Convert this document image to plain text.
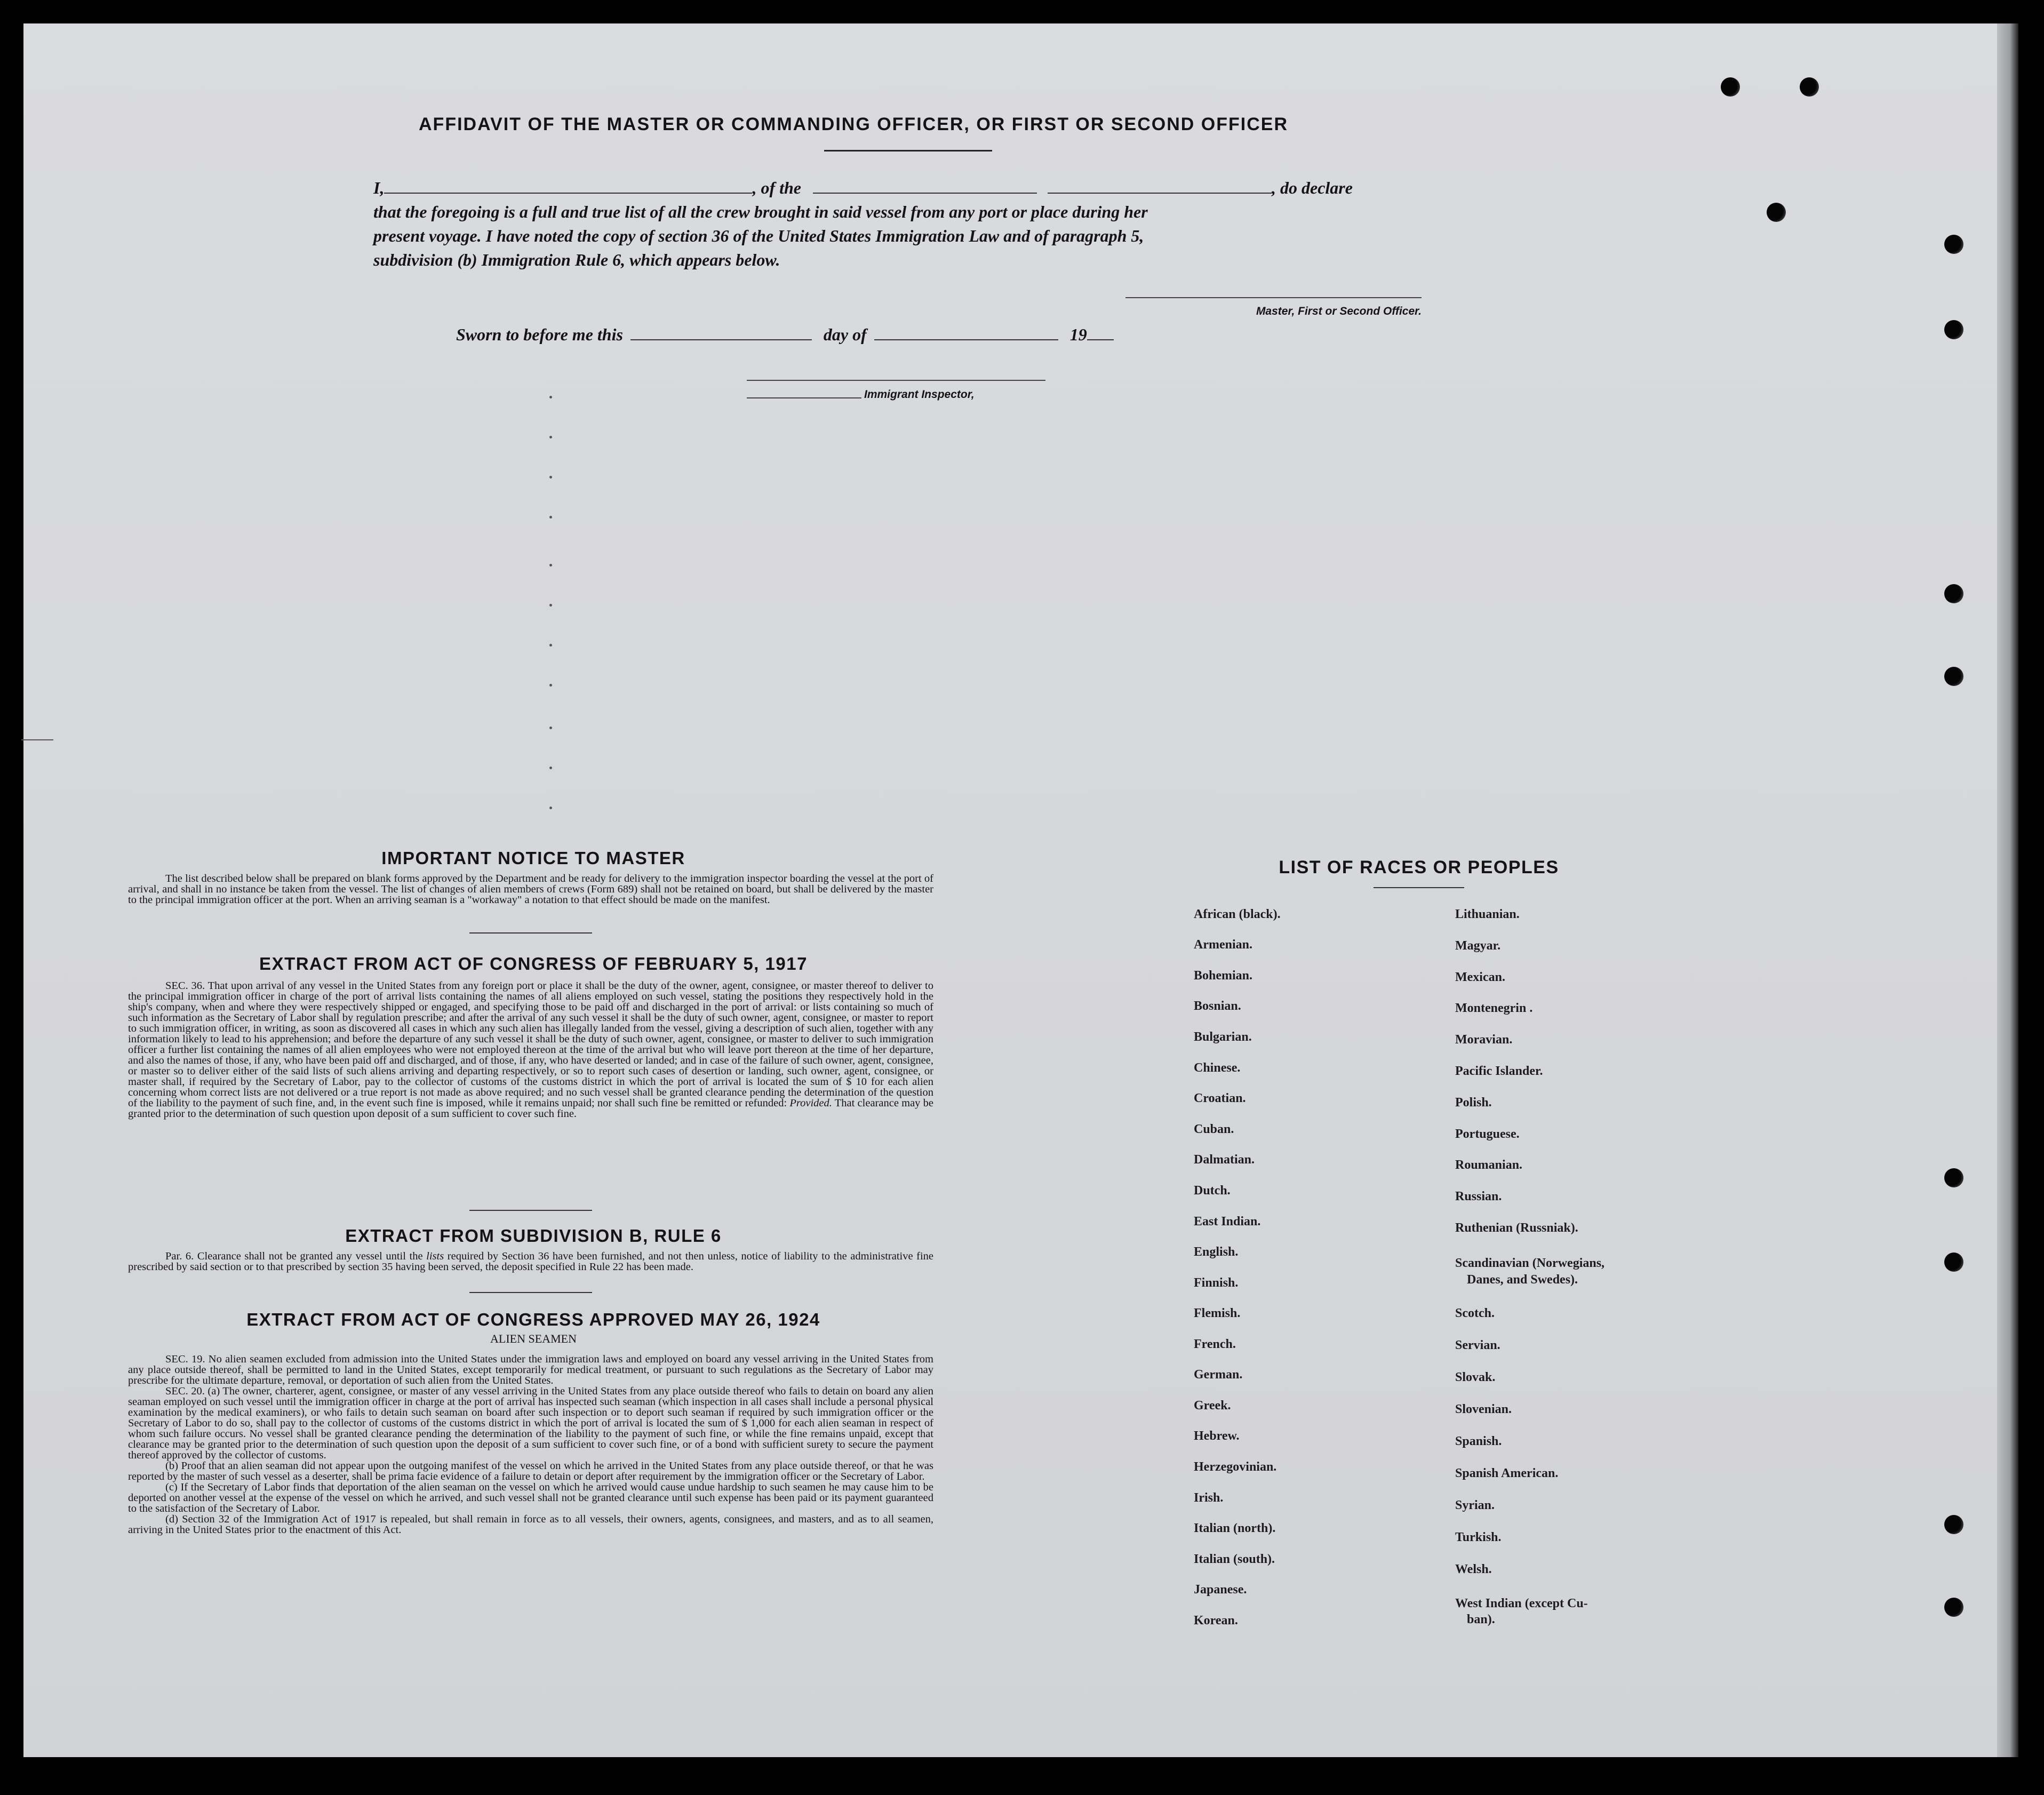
AFFIDAVIT OF THE MASTER OR COMMANDING OFFICER, OR FIRST OR SECOND OFFICER
I,	, of the	, do declare
that the foregoing is a full and true list of all the crew brought in said vessel from any port or place during her
present voyage. I have noted the copy of section 36 of the United States Immigration Law and of paragraph 5,
subdivision (b) Immigration Rule 6, which appears below.
Master, First or Second Officer.
Sworn to before me this	day of	19
Immigrant Inspector,
IMPORTANT NOTICE TO MASTER

The list described below shall be prepared on blank forms approved by the Department and be ready for delivery to the immigration inspector boarding the vessel at the port of arrival, and shall in no instance be taken from the vessel. The list of changes of alien members of crews (Form 689) shall not be retained on board, but shall be delivered by the master to the principal immigration officer at the port. When an arriving seaman is a "workaway" a notation to that effect should be made on the manifest.

EXTRACT FROM ACT OF CONGRESS OF FEBRUARY 5, 1917

SEC. 36. That upon arrival of any vessel in the United States from any foreign port or place it shall be the duty of the owner, agent, consignee, or master thereof to deliver to the principal immigration officer in charge of the port of arrival lists containing the names of all aliens employed on such vessel, stating the positions they respectively hold in the ship's company, when and where they were respectively shipped or engaged, and specifying those to be paid off and discharged in the port of arrival: or lists containing so much of such information as the Secretary of Labor shall by regulation prescribe; and after the arrival of any such vessel it shall be the duty of such owner, agent, consignee, or master to report to such immigration officer, in writing, as soon as discovered all cases in which any such alien has illegally landed from the vessel, giving a description of such alien, together with any information likely to lead to his apprehension; and before the departure of any such vessel it shall be the duty of such owner, agent, consignee, or master to deliver to such immigration officer a further list containing the names of all alien employees who were not employed thereon at the time of the arrival but who will leave port thereon at the time of her departure, and also the names of those, if any, who have been paid off and discharged, and of those, if any, who have deserted or landed; and in case of the failure of such owner, agent, consignee, or master so to deliver either of the said lists of such aliens arriving and departing respectively, or so to report such cases of desertion or landing, such owner, agent, consignee, or master shall, if required by the Secretary of Labor, pay to the collector of customs of the customs district in which the port of arrival is located the sum of $ 10 for each alien concerning whom correct lists are not delivered or a true report is not made as above required; and no such vessel shall be granted clearance pending the determination of the question of the liability to the payment of such fine, and, in the event such fine is imposed, while it remains unpaid; nor shall such fine be remitted or refunded: Provided. That clearance may be granted prior to the determination of such question upon deposit of a sum sufficient to cover such fine.

EXTRACT FROM SUBDIVISION B, RULE 6

Par. 6. Clearance shall not be granted any vessel until the lists required by Section 36 have been furnished, and not then unless, notice of liability to the administrative fine prescribed by said section or to that prescribed by section 35 having been served, the deposit specified in Rule 22 has been made.

EXTRACT FROM ACT OF CONGRESS APPROVED MAY 26, 1924
ALIEN SEAMEN

SEC. 19. No alien seamen excluded from admission into the United States under the immigration laws and employed on board any vessel arriving in the United States from any place outside thereof, shall be permitted to land in the United States, except temporarily for medical treatment, or pursuant to such regulations as the Secretary of Labor may prescribe for the ultimate departure, removal, or deportation of such alien from the United States.

SEC. 20. (a) The owner, charterer, agent, consignee, or master of any vessel arriving in the United States from any place outside thereof who fails to detain on board any alien seaman employed on such vessel until the immigration officer in charge at the port of arrival has inspected such seaman (which inspection in all cases shall include a personal physical examination by the medical examiners), or who fails to detain such seaman on board after such inspection or to deport such seaman if required by such immigration officer or the Secretary of Labor to do so, shall pay to the collector of customs of the customs district in which the port of arrival is located the sum of $ 1,000 for each alien seaman in respect of whom such failure occurs. No vessel shall be granted clearance pending the determination of the liability to the payment of such fine, or while the fine remains unpaid, except that clearance may be granted prior to the determination of such question upon the deposit of a sum sufficient to cover such fine, or of a bond with sufficient surety to secure the payment thereof approved by the collector of customs.

(b) Proof that an alien seaman did not appear upon the outgoing manifest of the vessel on which he arrived in the United States from any place outside thereof, or that he was reported by the master of such vessel as a deserter, shall be prima facie evidence of a failure to detain or deport after requirement by the immigration officer or the Secretary of Labor.

(c) If the Secretary of Labor finds that deportation of the alien seaman on the vessel on which he arrived would cause undue hardship to such seamen he may cause him to be deported on another vessel at the expense of the vessel on which he arrived, and such vessel shall not be granted clearance until such expense has been paid or its payment guaranteed to the satisfaction of the Secretary of Labor.

(d) Section 32 of the Immigration Act of 1917 is repealed, but shall remain in force as to all vessels, their owners, agents, consignees, and masters, and as to all seamen, arriving in the United States prior to the enactment of this Act.

LIST OF RACES OR PEOPLES
African (black).
Armenian.
Bohemian.
Bosnian.
Bulgarian.
Chinese.
Croatian.
Cuban.
Dalmatian.
Dutch.
East Indian.
English.
Finnish.
Flemish.
French.
German.
Greek.
Hebrew.
Herzegovinian.
Irish.
Italian (north).
Italian (south).
Japanese.
Korean.
Lithuanian.
Magyar.
Mexican.
Montenegrin .
Moravian.
Pacific Islander.
Polish.
Portuguese.
Roumanian.
Russian.
Ruthenian (Russniak).
Scandinavian (Norwegians,
Danes, and Swedes).
Scotch.
Servian.
Slovak.
Slovenian.
Spanish.
Spanish American.
Syrian.
Turkish.
Welsh.
West Indian (except Cu-
ban).
